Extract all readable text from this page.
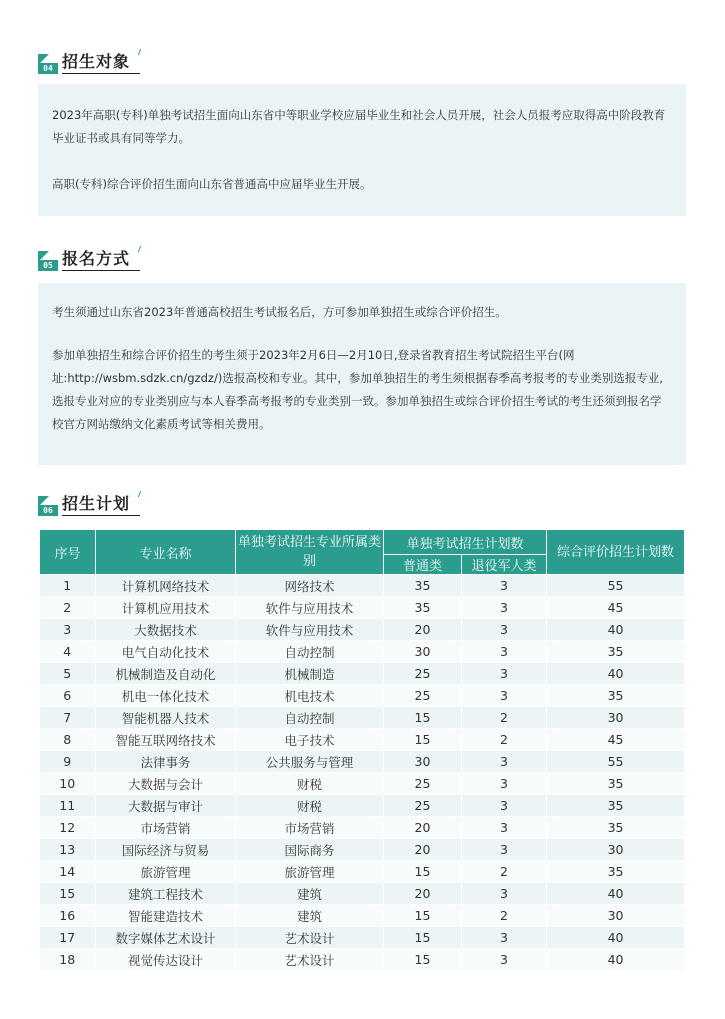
04 招生对象

2023年高职(专科)单独考试招生面向山东省中等职业学校应届毕业生和社会人员开展，社会人员报考应取得高中阶段教育毕业证书或具有同等学力。

高职(专科)综合评价招生面向山东省普通高中应届毕业生开展。

05 报名方式

考生须通过山东省2023年普通高校招生考试报名后，方可参加单独招生或综合评价招生。

参加单独招生和综合评价招生的考生须于2023年2月6日—2月10日,登录省教育招生考试院招生平台(网址:http://wsbm.sdzk.cn/gzdz/)选报高校和专业。其中，参加单独招生的考生须根据春季高考报考的专业类别选报专业,选报专业对应的专业类别应与本人春季高考报考的专业类别一致。参加单独招生或综合评价招生考试的考生还须到报名学校官方网站缴纳文化素质考试等相关费用。

06 招生计划
序号	专业名称	单独考试招生专业所属类别	单独考试招生计划数		综合评价招生计划数
			普通类	退役军人类	
1	计算机网络技术	网络技术	35	3	55
2	计算机应用技术	软件与应用技术	35	3	45
3	大数据技术	软件与应用技术	20	3	40
4	电气自动化技术	自动控制	30	3	35
5	机械制造及自动化	机械制造	25	3	40
6	机电一体化技术	机电技术	25	3	35
7	智能机器人技术	自动控制	15	2	30
8	智能互联网络技术	电子技术	15	2	45
9	法律事务	公共服务与管理	30	3	55
10	大数据与会计	财税	25	3	35
11	大数据与审计	财税	25	3	35
12	市场营销	市场营销	20	3	35
13	国际经济与贸易	国际商务	20	3	30
14	旅游管理	旅游管理	15	2	35
15	建筑工程技术	建筑	20	3	40
16	智能建造技术	建筑	15	2	30
17	数字媒体艺术设计	艺术设计	15	3	40
18	视觉传达设计	艺术设计	15	3	40
